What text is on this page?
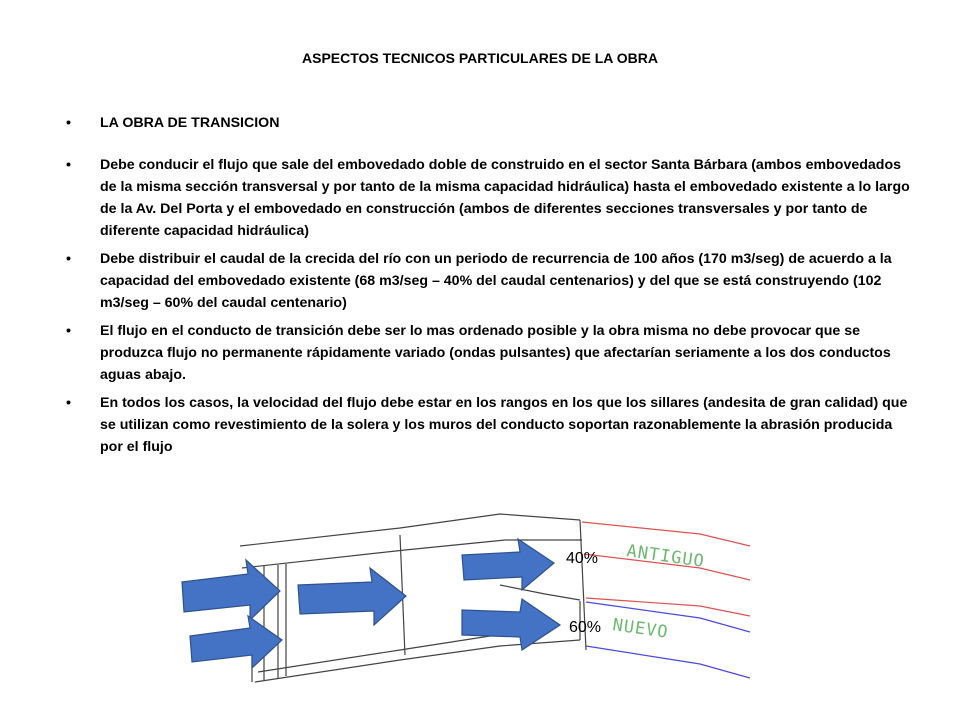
ASPECTOS TECNICOS PARTICULARES DE LA OBRA
• LA OBRA DE TRANSICION
• Debe conducir el flujo que sale del embovedado doble de construido en el sector Santa Bárbara (ambos embovedados de la misma sección transversal y por tanto de la misma capacidad hidráulica) hasta el embovedado existente a lo largo de la Av. Del Porta y el embovedado en construcción (ambos de diferentes secciones transversales y por tanto de diferente capacidad hidráulica)
• Debe distribuir el caudal de la crecida del río con un periodo de recurrencia de 100 años (170 m3/seg) de acuerdo a la capacidad del embovedado existente (68 m3/seg – 40% del caudal centenarios) y del que se está construyendo (102 m3/seg – 60% del caudal centenario)
• El flujo en el conducto de transición debe ser lo mas ordenado posible y la obra misma no debe provocar que se produzca flujo no permanente rápidamente variado (ondas pulsantes) que afectarían seriamente a los dos conductos aguas abajo.
• En todos los casos, la velocidad del flujo debe estar en los rangos en los que los sillares (andesita de gran calidad) que se utilizan como revestimiento de la solera y los muros del conducto soportan razonablemente la abrasión producida por el flujo
40%
60%
ANTIGUO
NUEVO
